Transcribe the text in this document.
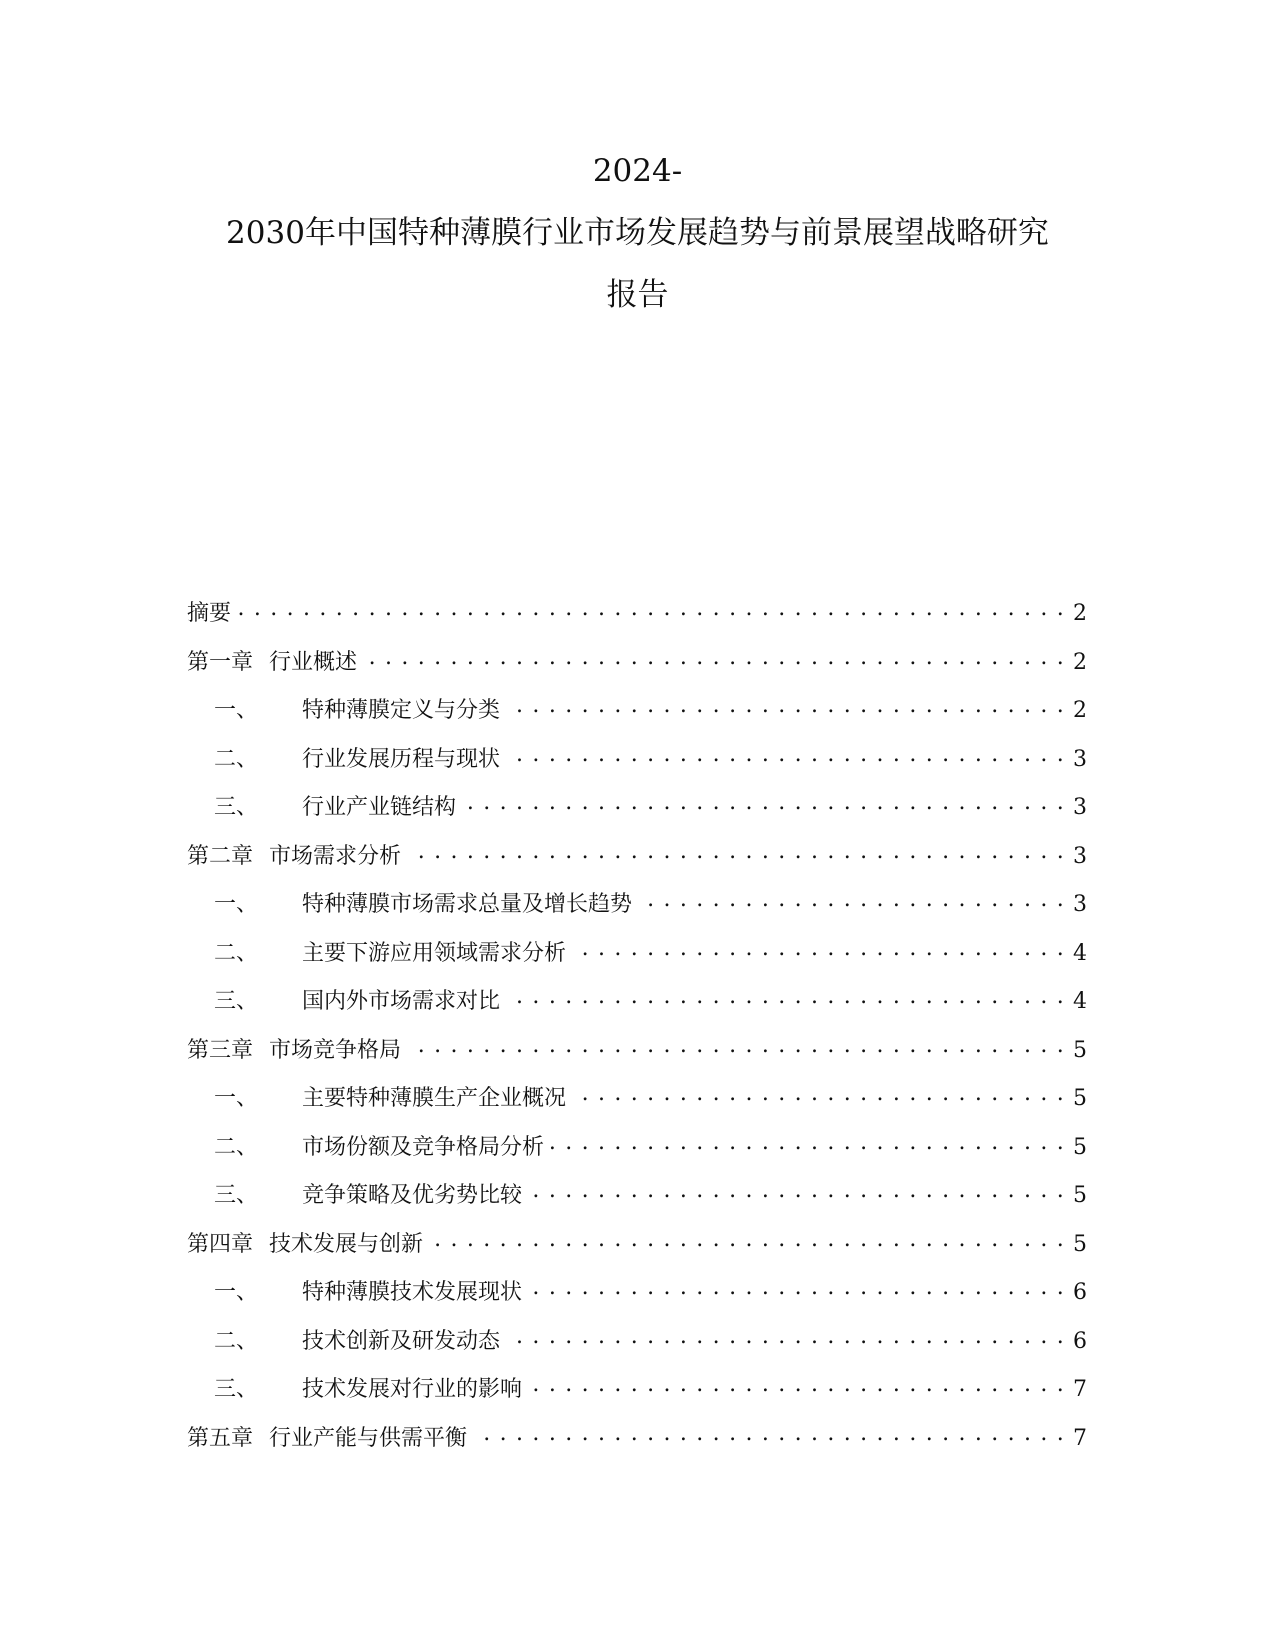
2024-
2030年中国特种薄膜行业市场发展趋势与前景展望战略研究
报告
摘要 . . .	2
第一章 行业概述 . . .	2
一、	特种薄膜定义与分类 . . .	2
二、	行业发展历程与现状 . . .	3
三、	行业产业链结构 . . .	3
第二章 市场需求分析 . . .	3
一、	特种薄膜市场需求总量及增长趋势 . . .	3
二、	主要下游应用领域需求分析 . . .	4
三、	国内外市场需求对比 . . .	4
第三章 市场竞争格局 . . .	5
一、	主要特种薄膜生产企业概况 . . .	5
二、	市场份额及竞争格局分析 . . .	5
三、	竞争策略及优劣势比较 . . .	5
第四章 技术发展与创新 . . .	5
一、	特种薄膜技术发展现状 . . .	6
二、	技术创新及研发动态 . . .	6
三、	技术发展对行业的影响 . . .	7
第五章 行业产能与供需平衡 . . .	7
